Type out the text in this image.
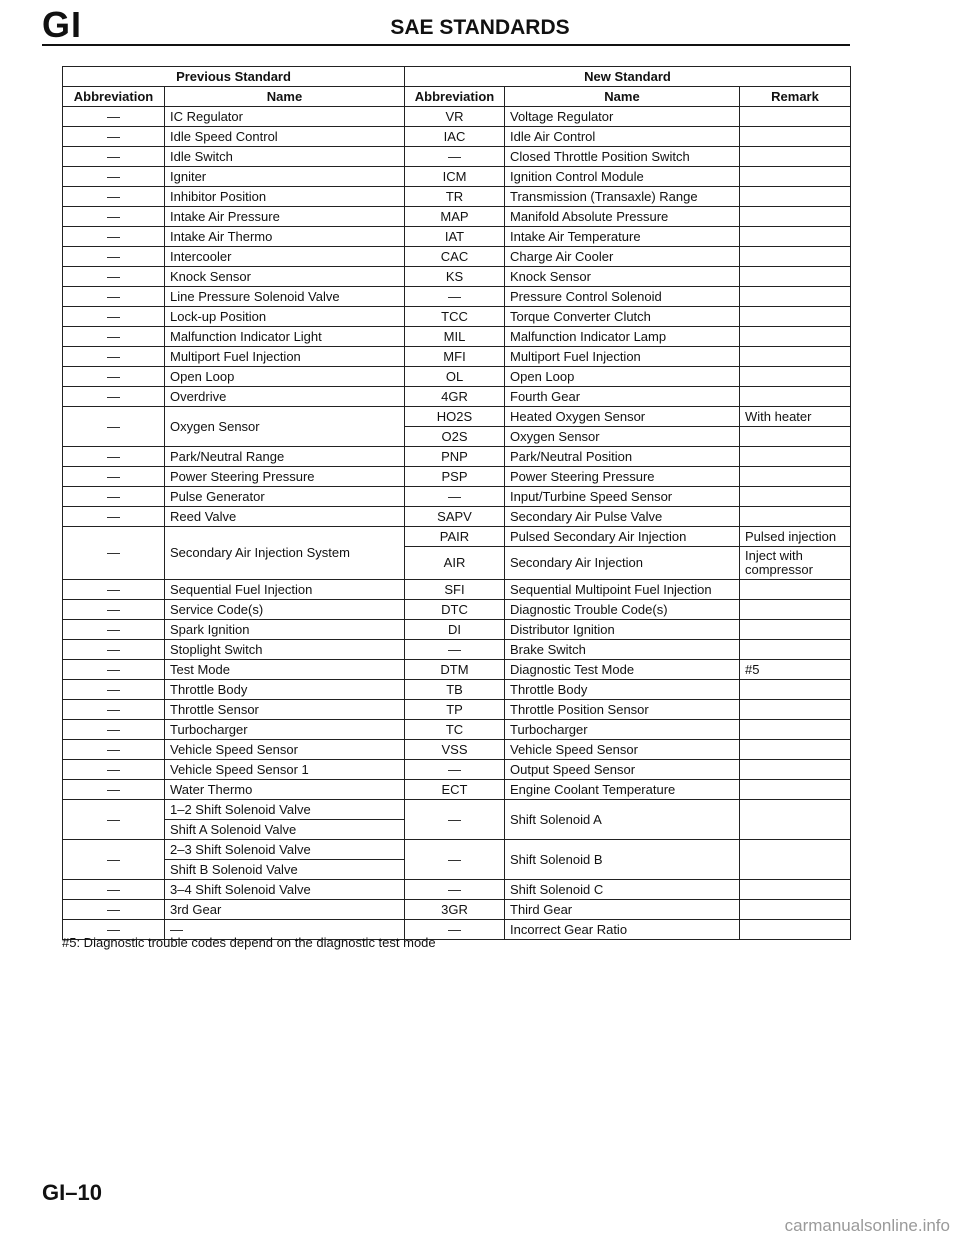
GI	SAE STANDARDS
Previous Standard		New Standard		
Abbreviation	Name	Abbreviation	Name	Remark
—	IC Regulator	VR	Voltage Regulator	
—	Idle Speed Control	IAC	Idle Air Control	
—	Idle Switch	—	Closed Throttle Position Switch	
—	Igniter	ICM	Ignition Control Module	
—	Inhibitor Position	TR	Transmission (Transaxle) Range	
—	Intake Air Pressure	MAP	Manifold Absolute Pressure	
—	Intake Air Thermo	IAT	Intake Air Temperature	
—	Intercooler	CAC	Charge Air Cooler	
—	Knock Sensor	KS	Knock Sensor	
—	Line Pressure Solenoid Valve	—	Pressure Control Solenoid	
—	Lock-up Position	TCC	Torque Converter Clutch	
—	Malfunction Indicator Light	MIL	Malfunction Indicator Lamp	
—	Multiport Fuel Injection	MFI	Multiport Fuel Injection	
—	Open Loop	OL	Open Loop	
—	Overdrive	4GR	Fourth Gear	
—	Oxygen Sensor	HO2S	Heated Oxygen Sensor	With heater
		O2S	Oxygen Sensor	
—	Park/Neutral Range	PNP	Park/Neutral Position	
—	Power Steering Pressure	PSP	Power Steering Pressure	
—	Pulse Generator	—	Input/Turbine Speed Sensor	
—	Reed Valve	SAPV	Secondary Air Pulse Valve	
—	Secondary Air Injection System	PAIR	Pulsed Secondary Air Injection	Pulsed injection
		AIR	Secondary Air Injection	Inject with compressor
—	Sequential Fuel Injection	SFI	Sequential Multipoint Fuel Injection	
—	Service Code(s)	DTC	Diagnostic Trouble Code(s)	
—	Spark Ignition	DI	Distributor Ignition	
—	Stoplight Switch	—	Brake Switch	
—	Test Mode	DTM	Diagnostic Test Mode	#5
—	Throttle Body	TB	Throttle Body	
—	Throttle Sensor	TP	Throttle Position Sensor	
—	Turbocharger	TC	Turbocharger	
—	Vehicle Speed Sensor	VSS	Vehicle Speed Sensor	
—	Vehicle Speed Sensor 1	—	Output Speed Sensor	
—	Water Thermo	ECT	Engine Coolant Temperature	
—	1–2 Shift Solenoid Valve	—	Shift Solenoid A	
	Shift A Solenoid Valve			
—	2–3 Shift Solenoid Valve	—	Shift Solenoid B	
	Shift B Solenoid Valve			
—	3–4 Shift Solenoid Valve	—	Shift Solenoid C	
—	3rd Gear	3GR	Third Gear	
—	—	—	Incorrect Gear Ratio	
#5: Diagnostic trouble codes depend on the diagnostic test mode
GI–10
carmanualsonline.info
